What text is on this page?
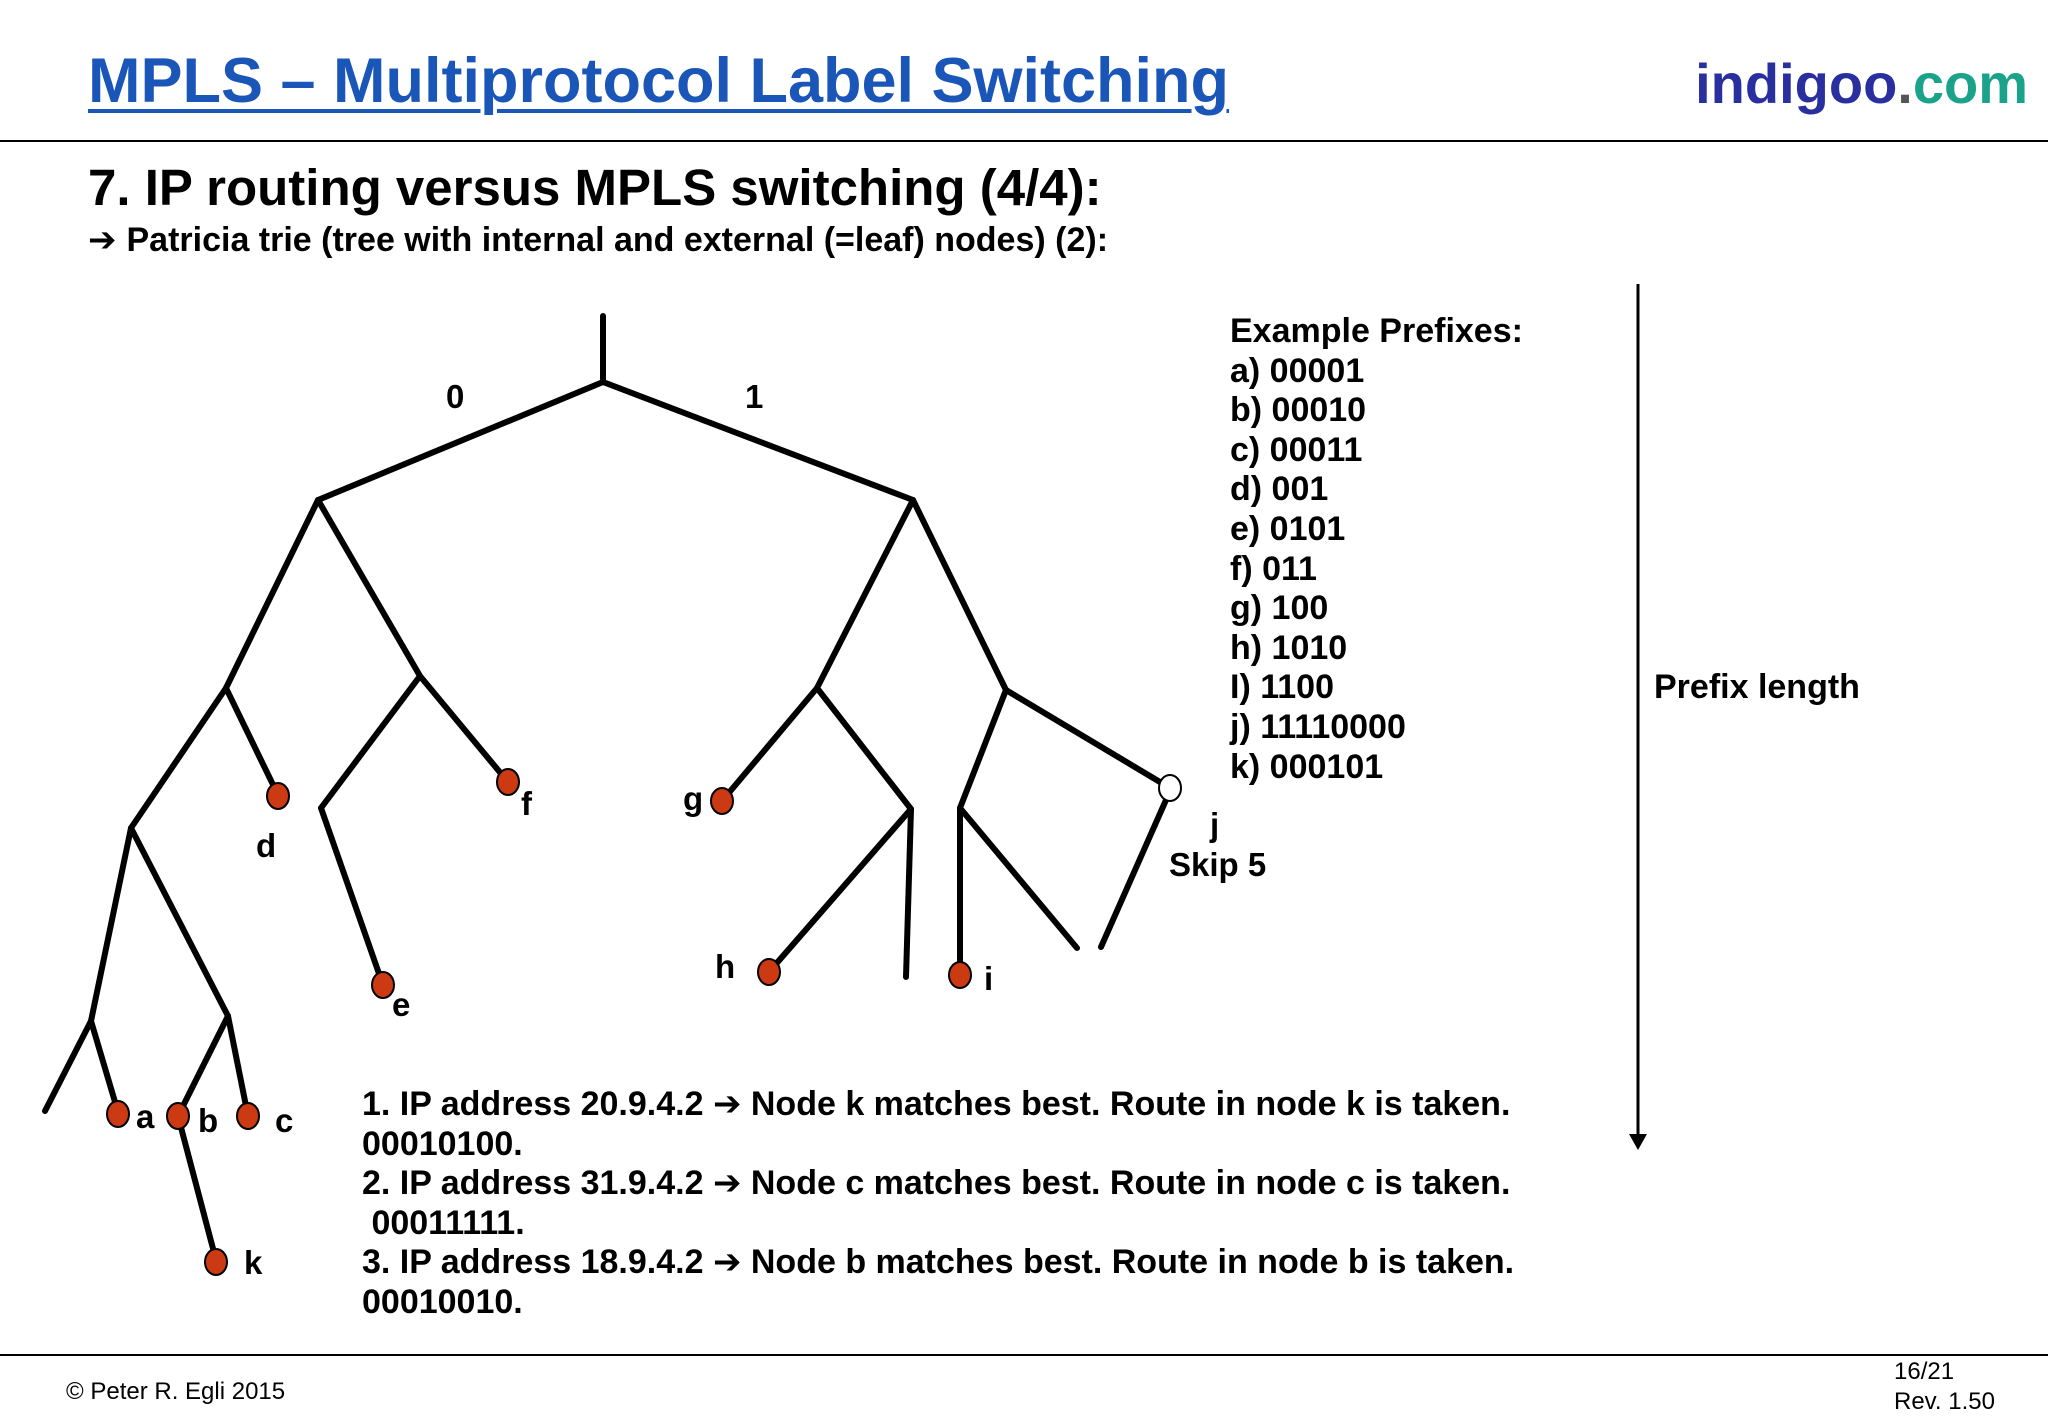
MPLS – Multiprotocol Label Switching	indigoo.com
7. IP routing versus MPLS switching (4/4):
➔ Patricia trie (tree with internal and external (=leaf) nodes) (2):
0	1
d
f
e
a b c
k
g
h	i
j
Skip 5
Example Prefixes:
a) 00001
b) 00010
c) 00011
d) 001
e) 0101
f) 011
g) 100
h) 1010
I) 1100
j) 11110000
k) 000101
Prefix length
1. IP address 20.9.4.2 ➔ Node k matches best. Route in node k is taken.
00010100.
2. IP address 31.9.4.2 ➔ Node c matches best. Route in node c is taken.
00011111.
3. IP address 18.9.4.2 ➔ Node b matches best. Route in node b is taken.
00010010.
© Peter R. Egli 2015
16/21
Rev. 1.50
